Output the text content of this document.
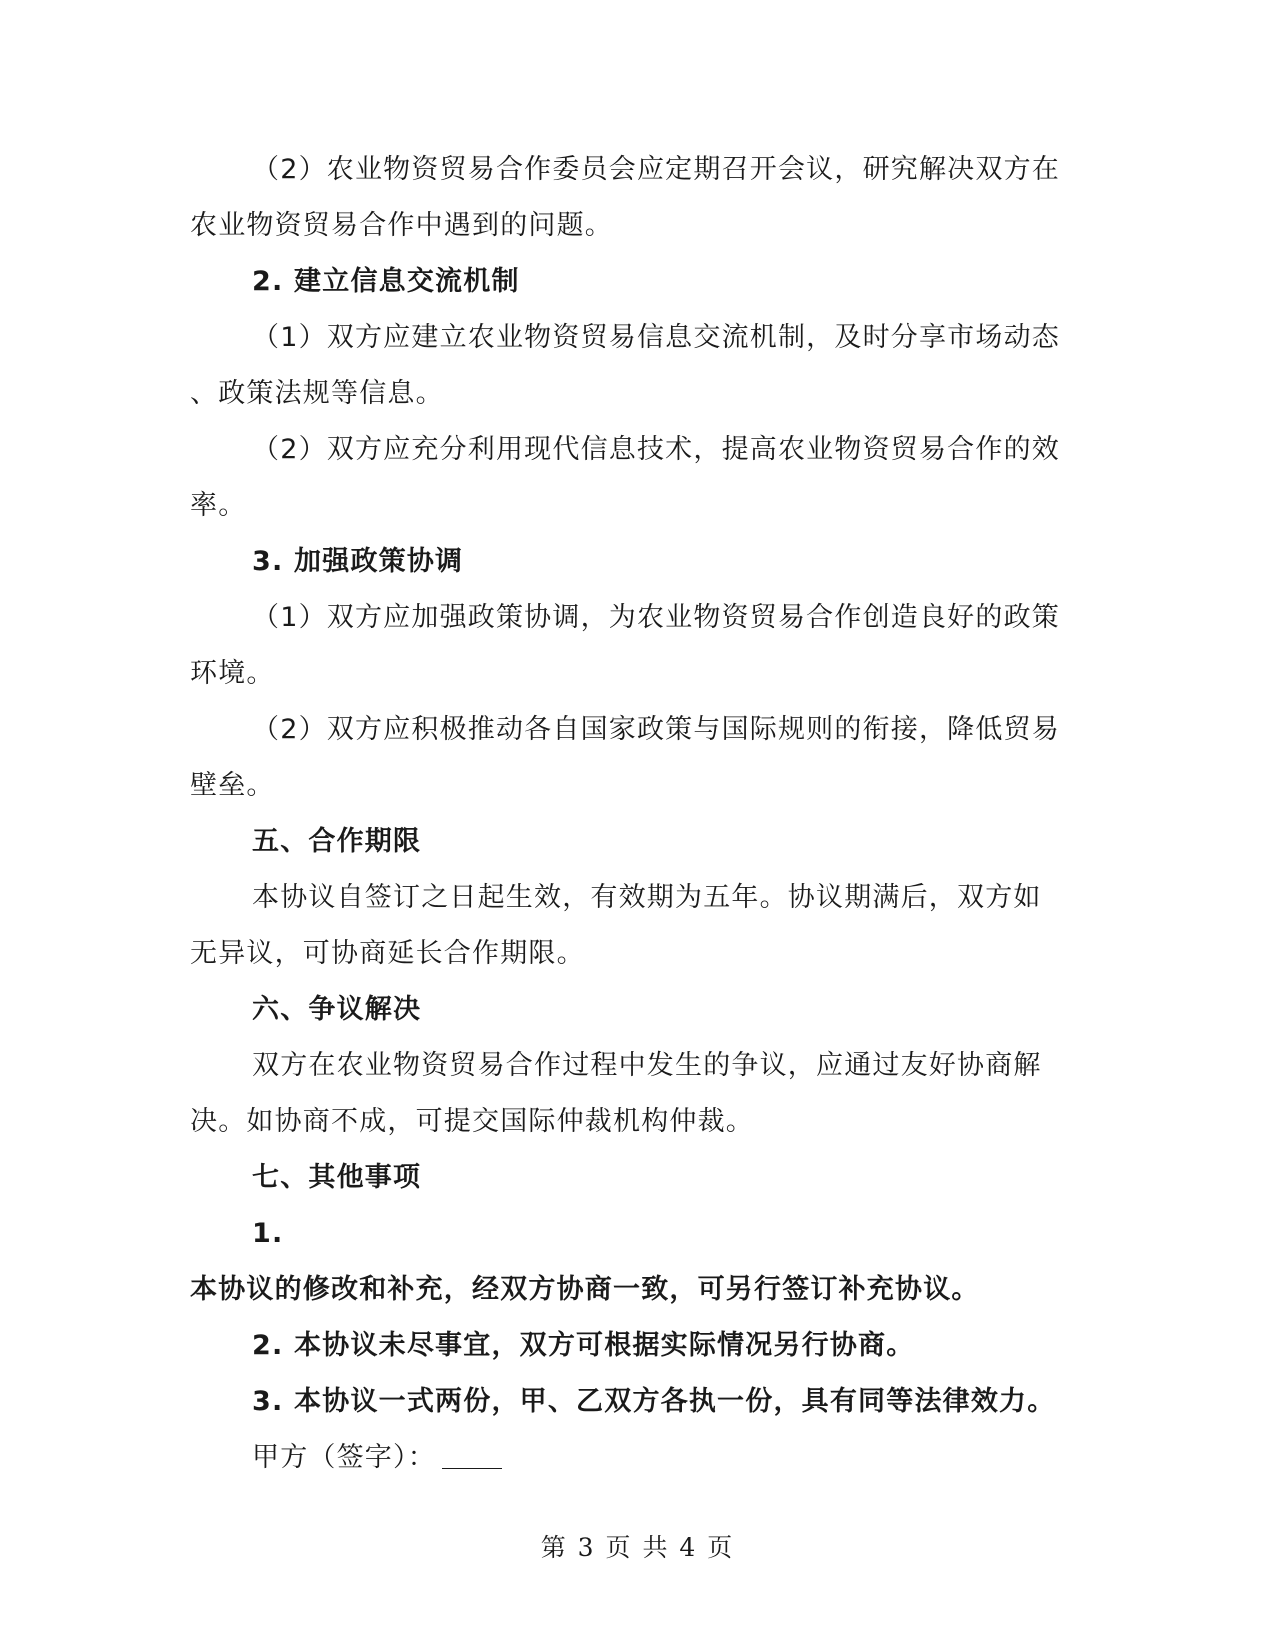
（2）农业物资贸易合作委员会应定期召开会议，研究解决双方在
农业物资贸易合作中遇到的问题。
2. 建立信息交流机制
（1）双方应建立农业物资贸易信息交流机制，及时分享市场动态
、政策法规等信息。
（2）双方应充分利用现代信息技术，提高农业物资贸易合作的效
率。
3. 加强政策协调
（1）双方应加强政策协调，为农业物资贸易合作创造良好的政策
环境。
（2）双方应积极推动各自国家政策与国际规则的衔接，降低贸易
壁垒。
五、合作期限
本协议自签订之日起生效，有效期为五年。协议期满后，双方如
无异议，可协商延长合作期限。
六、争议解决
双方在农业物资贸易合作过程中发生的争议，应通过友好协商解
决。如协商不成，可提交国际仲裁机构仲裁。
七、其他事项
1.
本协议的修改和补充，经双方协商一致，可另行签订补充协议。
2. 本协议未尽事宜，双方可根据实际情况另行协商。
3. 本协议一式两份，甲、乙双方各执一份，具有同等法律效力。
甲方（签字）：
第 3 页 共 4 页
